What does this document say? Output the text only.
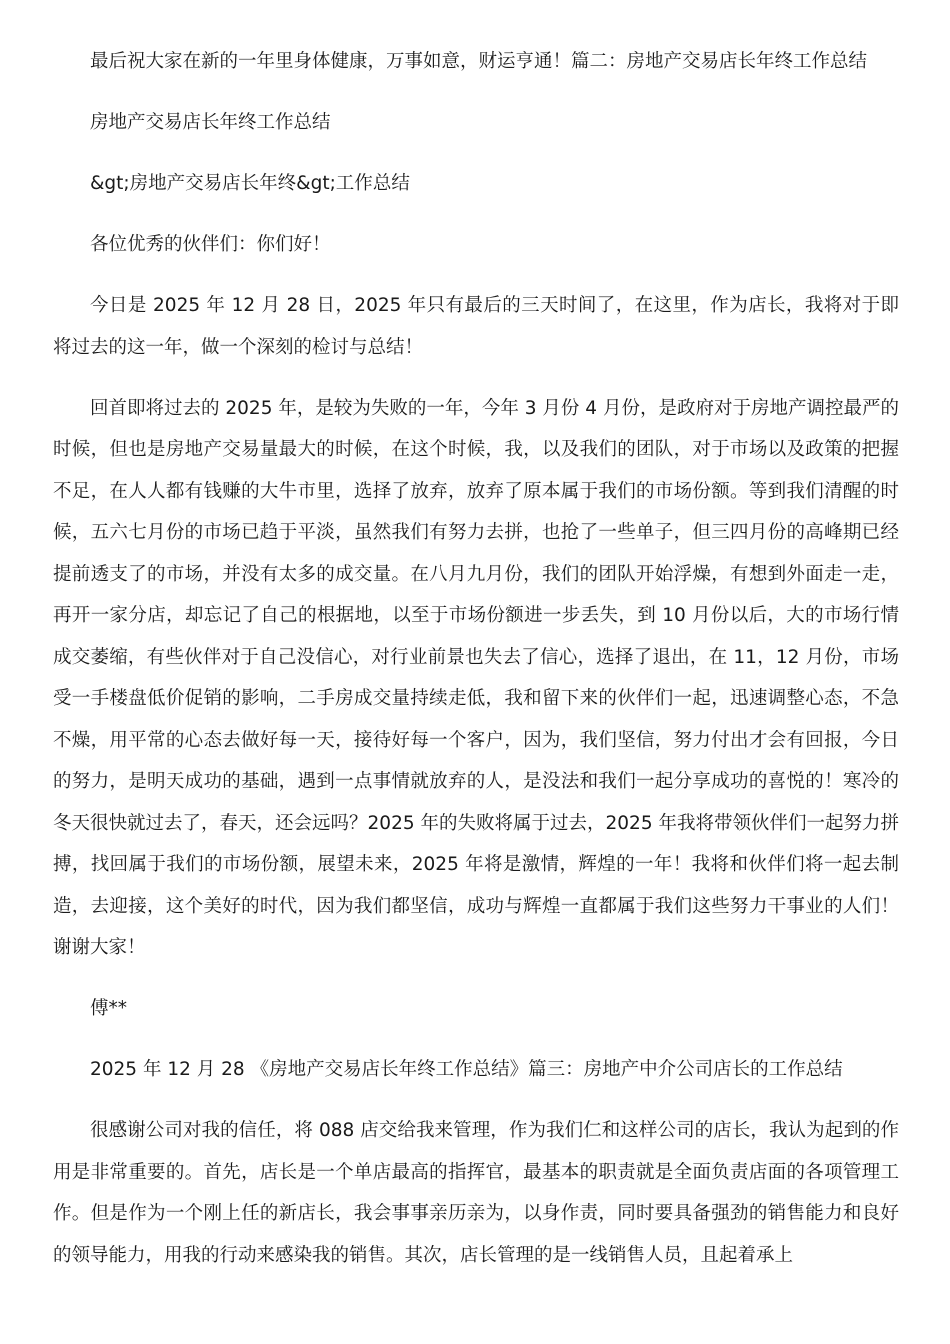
最后祝大家在新的一年里身体健康，万事如意，财运亨通！篇二：房地产交易店长年终工作总结

房地产交易店长年终工作总结

&gt;房地产交易店长年终&gt;工作总结

各位优秀的伙伴们：你们好！

今日是 2025 年 12 月 28 日，2025 年只有最后的三天时间了，在这里，作为店长，我将对于即将过去的这一年，做一个深刻的检讨与总结！

回首即将过去的 2025 年，是较为失败的一年，今年 3 月份 4 月份，是政府对于房地产调控最严的时候，但也是房地产交易量最大的时候，在这个时候，我，以及我们的团队，对于市场以及政策的把握不足，在人人都有钱赚的大牛市里，选择了放弃，放弃了原本属于我们的市场份额。等到我们清醒的时候，五六七月份的市场已趋于平淡，虽然我们有努力去拼，也抢了一些单子，但三四月份的高峰期已经提前透支了的市场，并没有太多的成交量。在八月九月份，我们的团队开始浮燥，有想到外面走一走，再开一家分店，却忘记了自己的根据地，以至于市场份额进一步丢失，到 10 月份以后，大的市场行情成交萎缩，有些伙伴对于自己没信心，对行业前景也失去了信心，选择了退出，在 11，12 月份，市场受一手楼盘低价促销的影响，二手房成交量持续走低，我和留下来的伙伴们一起，迅速调整心态，不急不燥，用平常的心态去做好每一天，接待好每一个客户，因为，我们坚信，努力付出才会有回报，今日的努力，是明天成功的基础，遇到一点事情就放弃的人，是没法和我们一起分享成功的喜悦的！寒冷的冬天很快就过去了，春天，还会远吗？2025 年的失败将属于过去，2025 年我将带领伙伴们一起努力拼搏，找回属于我们的市场份额，展望未来，2025 年将是激情，辉煌的一年！我将和伙伴们将一起去制造，去迎接，这个美好的时代，因为我们都坚信，成功与辉煌一直都属于我们这些努力干事业的人们！谢谢大家！

傅**

2025 年 12 月 28 《房地产交易店长年终工作总结》篇三：房地产中介公司店长的工作总结

很感谢公司对我的信任，将 088 店交给我来管理，作为我们仁和这样公司的店长，我认为起到的作用是非常重要的。首先，店长是一个单店最高的指挥官，最基本的职责就是全面负责店面的各项管理工作。但是作为一个刚上任的新店长，我会事事亲历亲为，以身作责，同时要具备强劲的销售能力和良好的领导能力，用我的行动来感染我的销售。其次，店长管理的是一线销售人员，且起着承上
